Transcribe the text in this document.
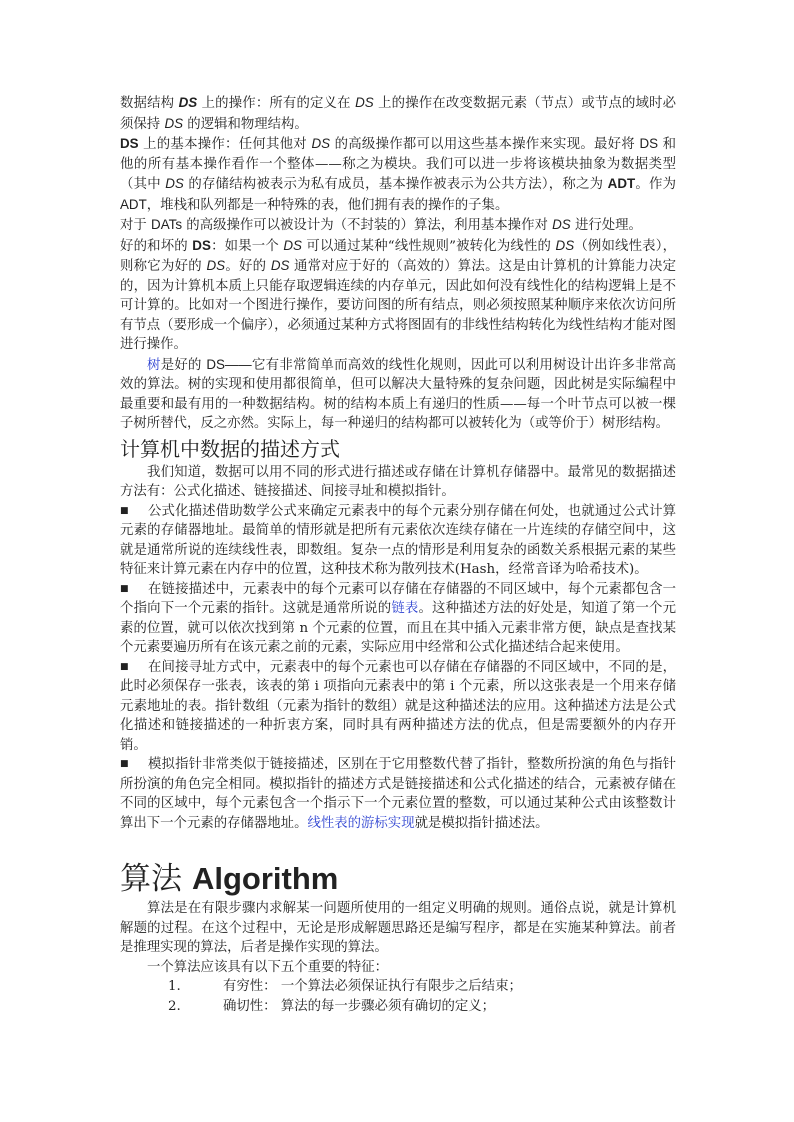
数据结构 DS 上的操作：所有的定义在 DS 上的操作在改变数据元素（节点）或节点的域时必须保持 DS 的逻辑和物理结构。

DS 上的基本操作：任何其他对 DS 的高级操作都可以用这些基本操作来实现。最好将 DS 和他的所有基本操作看作一个整体——称之为模块。我们可以进一步将该模块抽象为数据类型（其中 DS 的存储结构被表示为私有成员，基本操作被表示为公共方法），称之为 ADT。作为 ADT，堆栈和队列都是一种特殊的表，他们拥有表的操作的子集。

对于 DATs 的高级操作可以被设计为（不封装的）算法，利用基本操作对 DS 进行处理。

好的和坏的 DS：如果一个 DS 可以通过某种“线性规则”被转化为线性的 DS（例如线性表），则称它为好的 DS。好的 DS 通常对应于好的（高效的）算法。这是由计算机的计算能力决定的，因为计算机本质上只能存取逻辑连续的内存单元，因此如何没有线性化的结构逻辑上是不可计算的。比如对一个图进行操作，要访问图的所有结点，则必须按照某种顺序来依次访问所有节点（要形成一个偏序），必须通过某种方式将图固有的非线性结构转化为线性结构才能对图进行操作。

树是好的 DS——它有非常简单而高效的线性化规则，因此可以利用树设计出许多非常高效的算法。树的实现和使用都很简单，但可以解决大量特殊的复杂问题，因此树是实际编程中最重要和最有用的一种数据结构。树的结构本质上有递归的性质——每一个叶节点可以被一棵子树所替代，反之亦然。实际上，每一种递归的结构都可以被转化为（或等价于）树形结构。

计算机中数据的描述方式

我们知道，数据可以用不同的形式进行描述或存储在计算机存储器中。最常见的数据描述方法有：公式化描述、链接描述、间接寻址和模拟指针。

■ 公式化描述借助数学公式来确定元素表中的每个元素分别存储在何处，也就通过公式计算元素的存储器地址。最简单的情形就是把所有元素依次连续存储在一片连续的存储空间中，这就是通常所说的连续线性表，即数组。复杂一点的情形是利用复杂的函数关系根据元素的某些特征来计算元素在内存中的位置，这种技术称为散列技术(Hash，经常音译为哈希技术)。

■ 在链接描述中，元素表中的每个元素可以存储在存储器的不同区域中，每个元素都包含一个指向下一个元素的指针。这就是通常所说的链表。这种描述方法的好处是，知道了第一个元素的位置，就可以依次找到第 n 个元素的位置，而且在其中插入元素非常方便，缺点是查找某个元素要遍历所有在该元素之前的元素，实际应用中经常和公式化描述结合起来使用。

■ 在间接寻址方式中，元素表中的每个元素也可以存储在存储器的不同区域中，不同的是，此时必须保存一张表，该表的第 i 项指向元素表中的第 i 个元素，所以这张表是一个用来存储元素地址的表。指针数组（元素为指针的数组）就是这种描述法的应用。这种描述方法是公式化描述和链接描述的一种折衷方案，同时具有两种描述方法的优点，但是需要额外的内存开销。

■ 模拟指针非常类似于链接描述，区别在于它用整数代替了指针，整数所扮演的角色与指针所扮演的角色完全相同。模拟指针的描述方式是链接描述和公式化描述的结合，元素被存储在不同的区域中，每个元素包含一个指示下一个元素位置的整数，可以通过某种公式由该整数计算出下一个元素的存储器地址。线性表的游标实现就是模拟指针描述法。

算法 Algorithm

算法是在有限步骤内求解某一问题所使用的一组定义明确的规则。通俗点说，就是计算机解题的过程。在这个过程中，无论是形成解题思路还是编写程序，都是在实施某种算法。前者是推理实现的算法，后者是操作实现的算法。

一个算法应该具有以下五个重要的特征：

1.	有穷性： 一个算法必须保证执行有限步之后结束；
2.	确切性： 算法的每一步骤必须有确切的定义；
